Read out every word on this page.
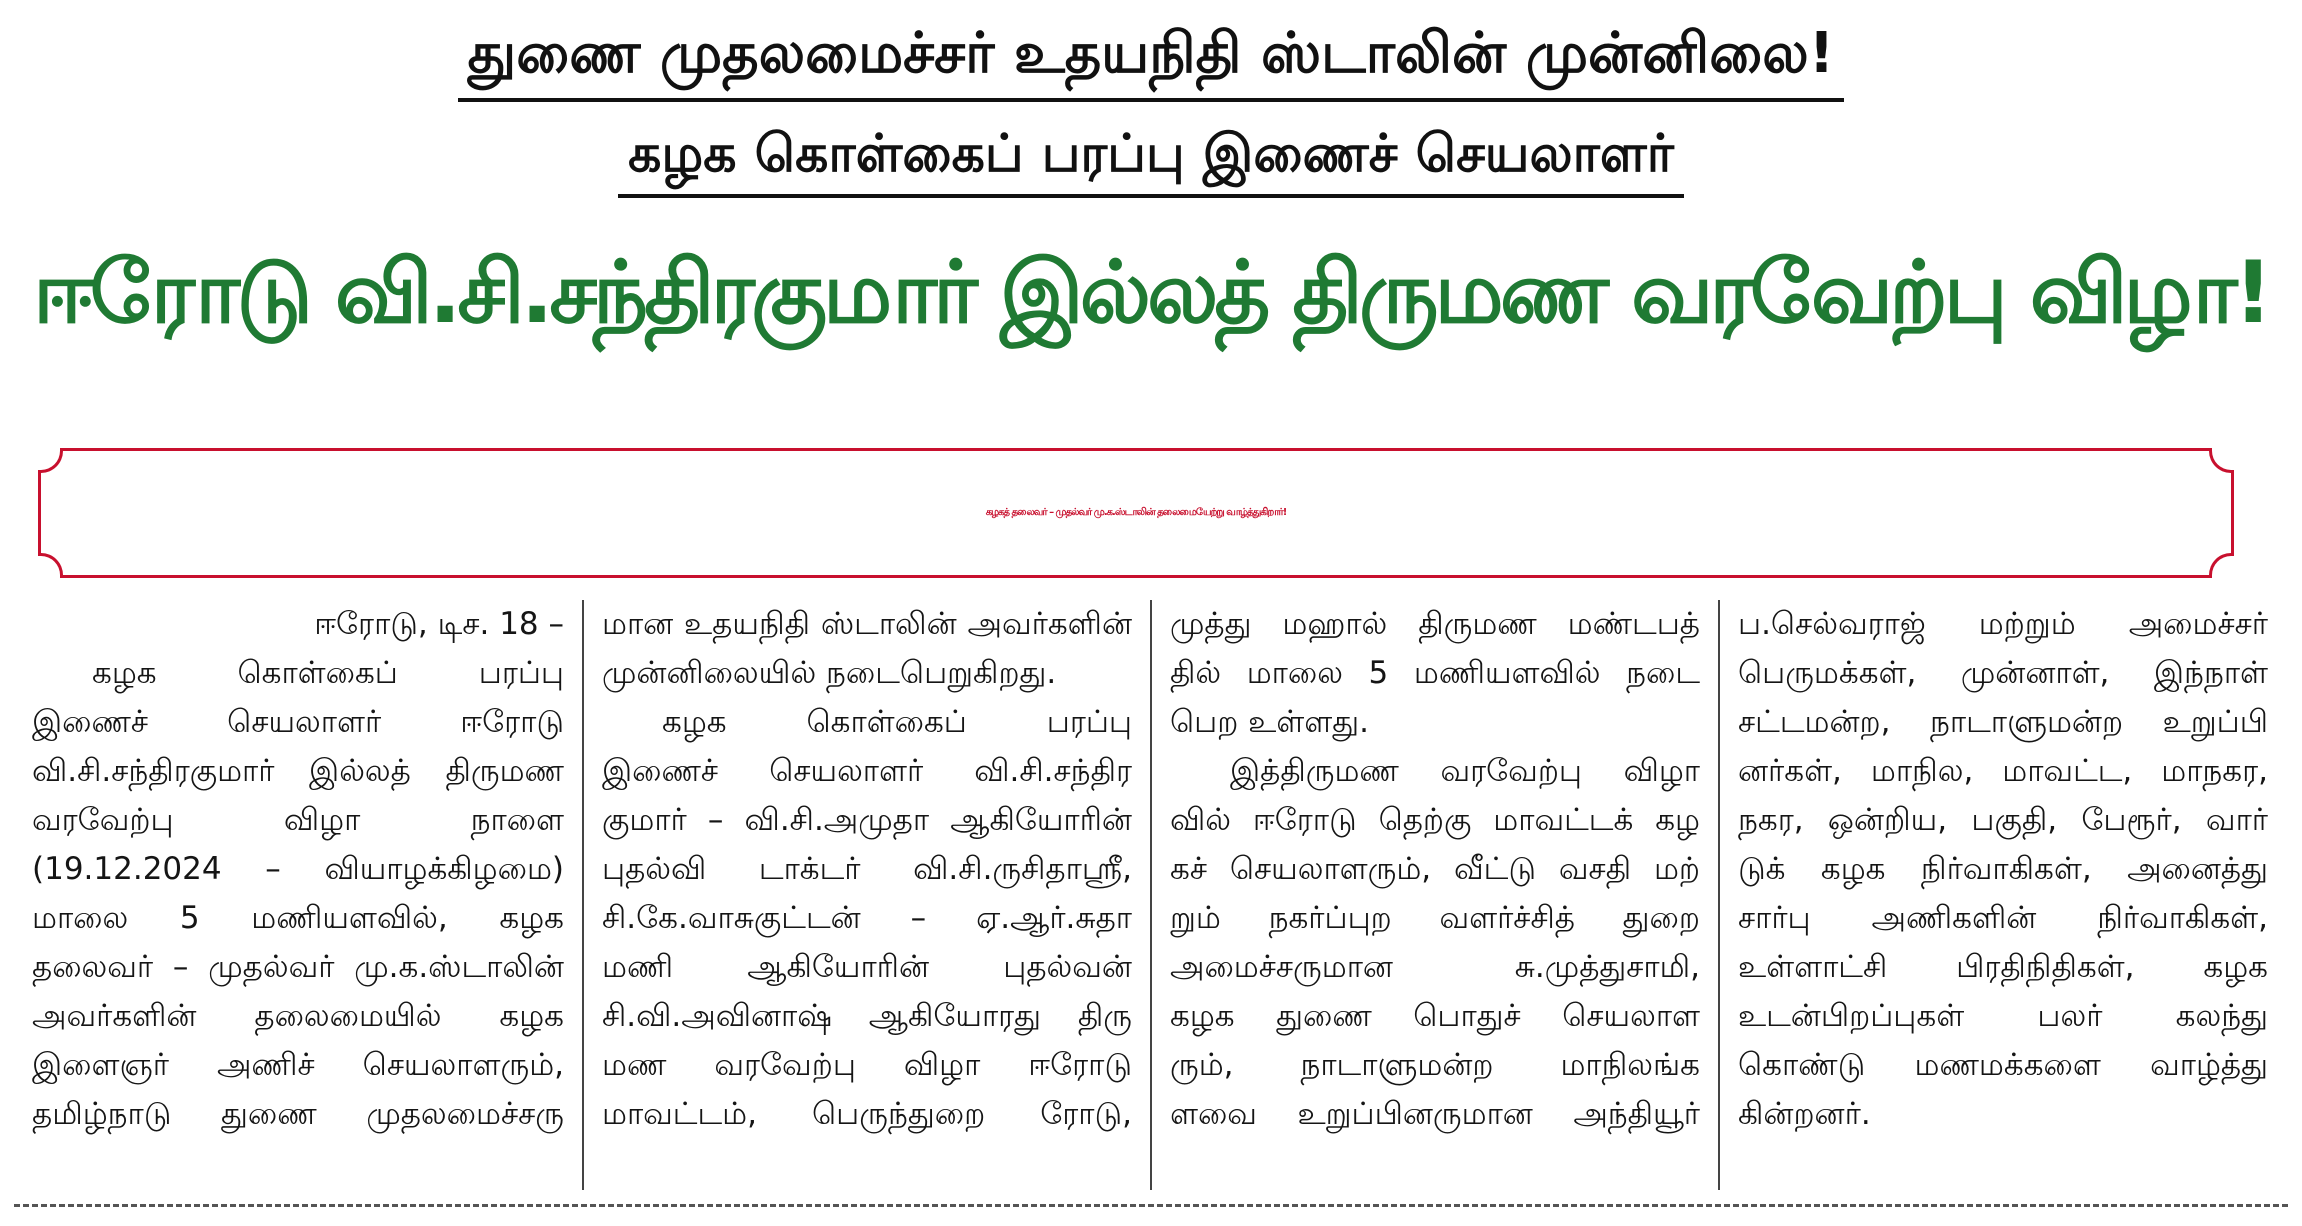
துணை முதலமைச்சர் உதயநிதி ஸ்டாலின் முன்னிலை!
கழக கொள்கைப் பரப்பு இணைச் செயலாளர்
ஈரோடு வி.சி.சந்திரகுமார் இல்லத் திருமண வரவேற்பு விழா!
கழகத் தலைவர் – முதல்வர் மு.க.ஸ்டாலின் தலைமையேற்று வாழ்த்துகிறார்!
ஈரோடு, டிச. 18 –
கழக கொள்கைப் பரப்பு
இணைச் செயலாளர் ஈரோடு
வி.சி.சந்திரகுமார் இல்லத் திருமண
வரவேற்பு விழா நாளை
(19.12.2024 – வியாழக்கிழமை)
மாலை 5 மணியளவில், கழக
தலைவர் – முதல்வர் மு.க.ஸ்டாலின்
அவர்களின் தலைமையில் கழக
இளைஞர் அணிச் செயலாளரும்,
தமிழ்நாடு துணை முதலமைச்சரு
மான உதயநிதி ஸ்டாலின் அவர்களின்
முன்னிலையில் நடைபெறுகிறது.
கழக கொள்கைப் பரப்பு
இணைச் செயலாளர் வி.சி.சந்திர
குமார் – வி.சி.அமுதா ஆகியோரின்
புதல்வி டாக்டர் வி.சி.ருசிதாஸ்ரீ,
சி.கே.வாசுகுட்டன் – ஏ.ஆர்.சுதா
மணி ஆகியோரின் புதல்வன்
சி.வி.அவினாஷ் ஆகியோரது திரு
மண வரவேற்பு விழா ஈரோடு
மாவட்டம், பெருந்துறை ரோடு,
முத்து மஹால் திருமண மண்டபத்
தில் மாலை 5 மணியளவில் நடை
பெற உள்ளது.
இத்திருமண வரவேற்பு விழா
வில் ஈரோடு தெற்கு மாவட்டக் கழ
கச் செயலாளரும், வீட்டு வசதி மற்
றும் நகர்ப்புற வளர்ச்சித் துறை
அமைச்சருமான சு.முத்துசாமி,
கழக துணை பொதுச் செயலாள
ரும், நாடாளுமன்ற மாநிலங்க
ளவை உறுப்பினருமான அந்தியூர்
ப.செல்வராஜ் மற்றும் அமைச்சர்
பெருமக்கள், முன்னாள், இந்நாள்
சட்டமன்ற, நாடாளுமன்ற உறுப்பி
னர்கள், மாநில, மாவட்ட, மாநகர,
நகர, ஒன்றிய, பகுதி, பேரூர், வார்
டுக் கழக நிர்வாகிகள், அனைத்து
சார்பு அணிகளின் நிர்வாகிகள்,
உள்ளாட்சி பிரதிநிதிகள், கழக
உடன்பிறப்புகள் பலர் கலந்து
கொண்டு மணமக்களை வாழ்த்து
கின்றனர்.
